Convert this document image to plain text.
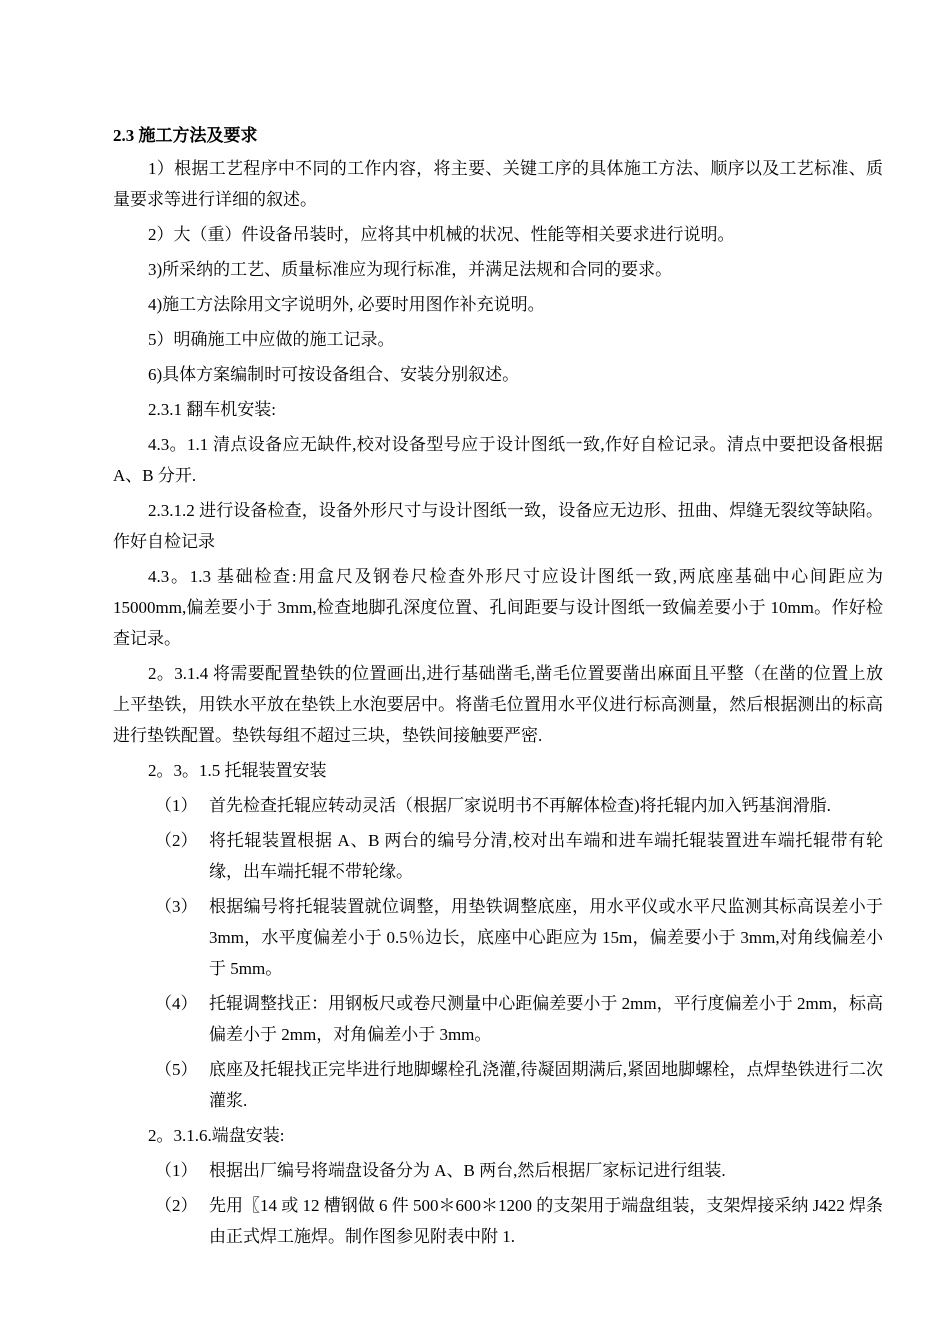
2.3 施工方法及要求
1）根据工艺程序中不同的工作内容，将主要、关键工序的具体施工方法、顺序以及工艺标准、质量要求等进行详细的叙述。
2）大（重）件设备吊装时，应将其中机械的状况、性能等相关要求进行说明。
3)所采纳的工艺、质量标准应为现行标准，并满足法规和合同的要求。
4)施工方法除用文字说明外, 必要时用图作补充说明。
5）明确施工中应做的施工记录。
6)具体方案编制时可按设备组合、安装分别叙述。
2.3.1 翻车机安装:
4.3。1.1 清点设备应无缺件,校对设备型号应于设计图纸一致,作好自检记录。清点中要把设备根据 A、B 分开.
2.3.1.2 进行设备检查，设备外形尺寸与设计图纸一致，设备应无边形、扭曲、焊缝无裂纹等缺陷。作好自检记录
4.3。1.3 基础检查:用盒尺及钢卷尺检查外形尺寸应设计图纸一致,两底座基础中心间距应为 15000mm,偏差要小于 3mm,检查地脚孔深度位置、孔间距要与设计图纸一致偏差要小于 10mm。作好检查记录。
2。3.1.4 将需要配置垫铁的位置画出,进行基础凿毛,凿毛位置要凿出麻面且平整（在凿的位置上放上平垫铁，用铁水平放在垫铁上水泡要居中。将凿毛位置用水平仪进行标高测量，然后根据测出的标高进行垫铁配置。垫铁每组不超过三块，垫铁间接触要严密.
2。3。1.5 托辊装置安装
（1） 首先检查托辊应转动灵活（根据厂家说明书不再解体检查)将托辊内加入钙基润滑脂.
（2） 将托辊装置根据 A、B 两台的编号分清,校对出车端和进车端托辊装置进车端托辊带有轮缘，出车端托辊不带轮缘。
（3） 根据编号将托辊装置就位调整，用垫铁调整底座，用水平仪或水平尺监测其标高误差小于 3mm，水平度偏差小于 0.5％边长，底座中心距应为 15m，偏差要小于 3mm,对角线偏差小于 5mm。
（4） 托辊调整找正：用钢板尺或卷尺测量中心距偏差要小于 2mm，平行度偏差小于 2mm，标高偏差小于 2mm，对角偏差小于 3mm。
（5） 底座及托辊找正完毕进行地脚螺栓孔浇灌,待凝固期满后,紧固地脚螺栓，点焊垫铁进行二次灌浆.
2。3.1.6.端盘安装:
（1） 根据出厂编号将端盘设备分为 A、B 两台,然后根据厂家标记进行组装.
（2） 先用〖14 或 12 槽钢做 6 件 500＊600＊1200 的支架用于端盘组装，支架焊接采纳 J422 焊条由正式焊工施焊。制作图参见附表中附 1.
